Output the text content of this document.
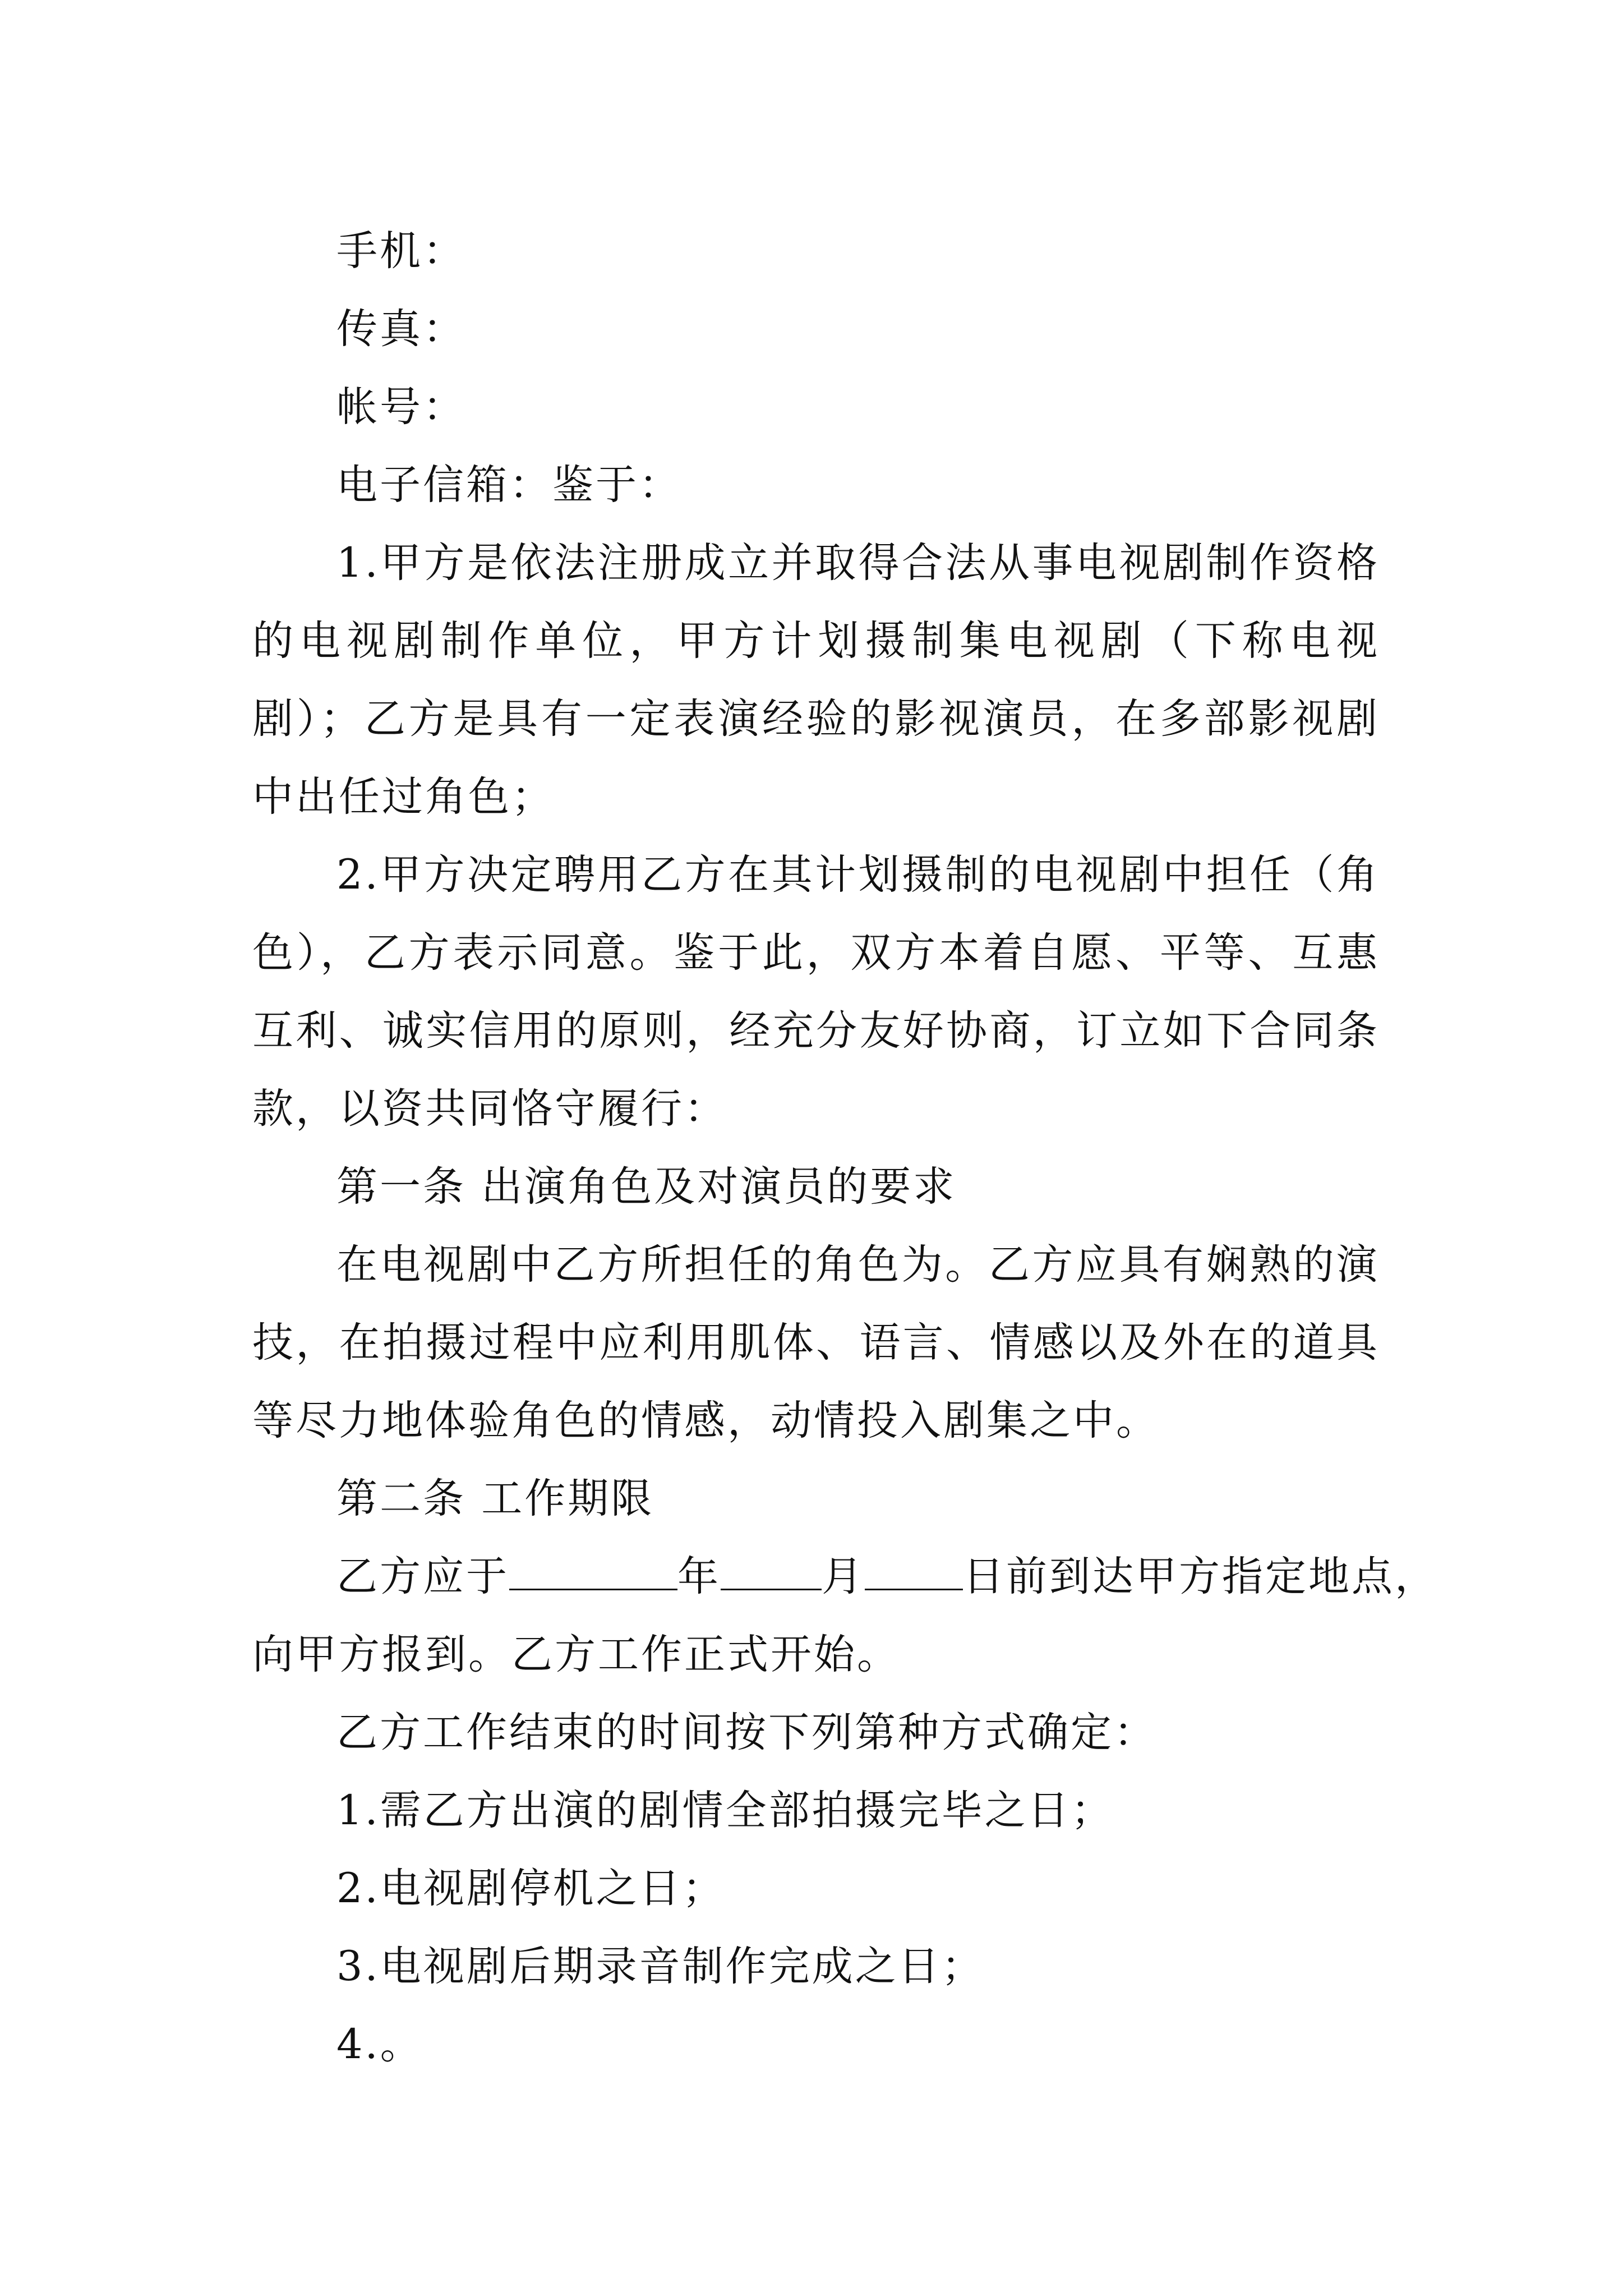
手机：
传真：
帐号：
电子信箱：鉴于：
1.甲方是依法注册成立并取得合法从事电视剧制作资格的电视剧制作单位，甲方计划摄制集电视剧（下称电视剧）；乙方是具有一定表演经验的影视演员，在多部影视剧中出任过角色；
2.甲方决定聘用乙方在其计划摄制的电视剧中担任（角色），乙方表示同意。鉴于此，双方本着自愿、平等、互惠互利、诚实信用的原则，经充分友好协商，订立如下合同条款，以资共同恪守履行：
第一条 出演角色及对演员的要求
在电视剧中乙方所担任的角色为。乙方应具有娴熟的演技，在拍摄过程中应利用肌体、语言、情感以及外在的道具等尽力地体验角色的情感，动情投入剧集之中。
第二条 工作期限
乙方应于	年 月 日前到达甲方指定地点，
向甲方报到。乙方工作正式开始。
乙方工作结束的时间按下列第种方式确定：
1.需乙方出演的剧情全部拍摄完毕之日；
2.电视剧停机之日；
3.电视剧后期录音制作完成之日；
4.。
